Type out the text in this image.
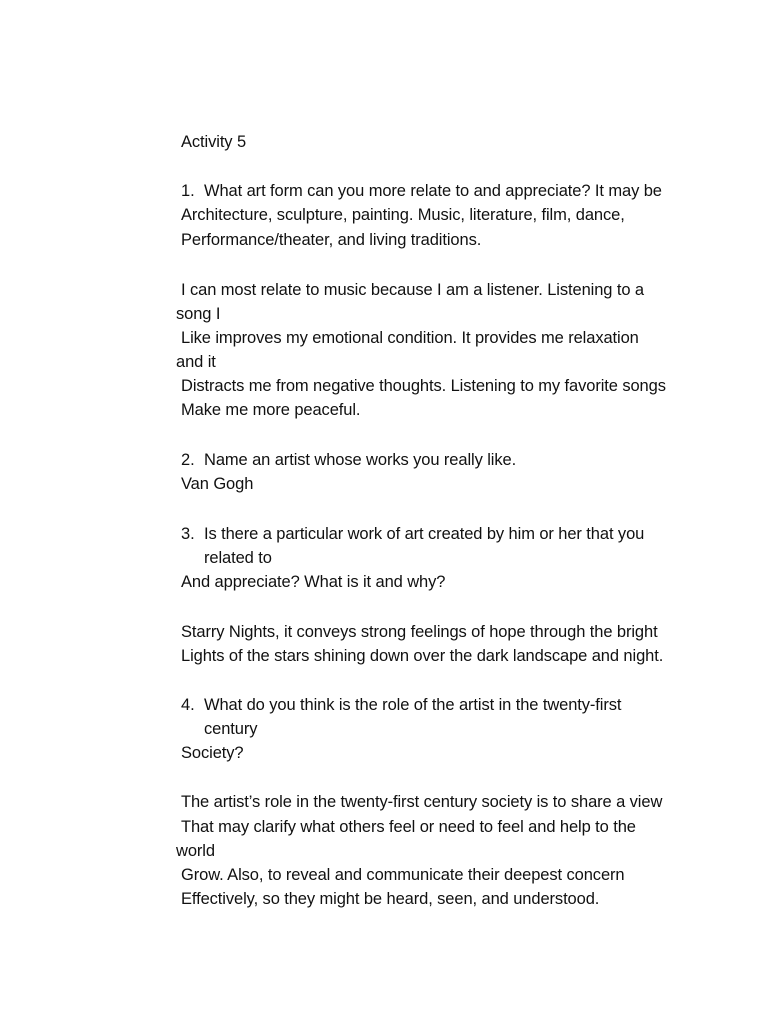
Activity 5
1. What art form can you more relate to and appreciate? It may be
Architecture, sculpture, painting. Music, literature, film, dance,
Performance/theater, and living traditions.
I can most relate to music because I am a listener. Listening to a
song I
Like improves my emotional condition. It provides me relaxation
and it
Distracts me from negative thoughts. Listening to my favorite songs
Make me more peaceful.
2. Name an artist whose works you really like.
Van Gogh
3. Is there a particular work of art created by him or her that you
related to
And appreciate? What is it and why?
Starry Nights, it conveys strong feelings of hope through the bright
Lights of the stars shining down over the dark landscape and night.
4. What do you think is the role of the artist in the twenty-first
century
Society?
The artist’s role in the twenty-first century society is to share a view
That may clarify what others feel or need to feel and help to the
world
Grow. Also, to reveal and communicate their deepest concern
Effectively, so they might be heard, seen, and understood.
